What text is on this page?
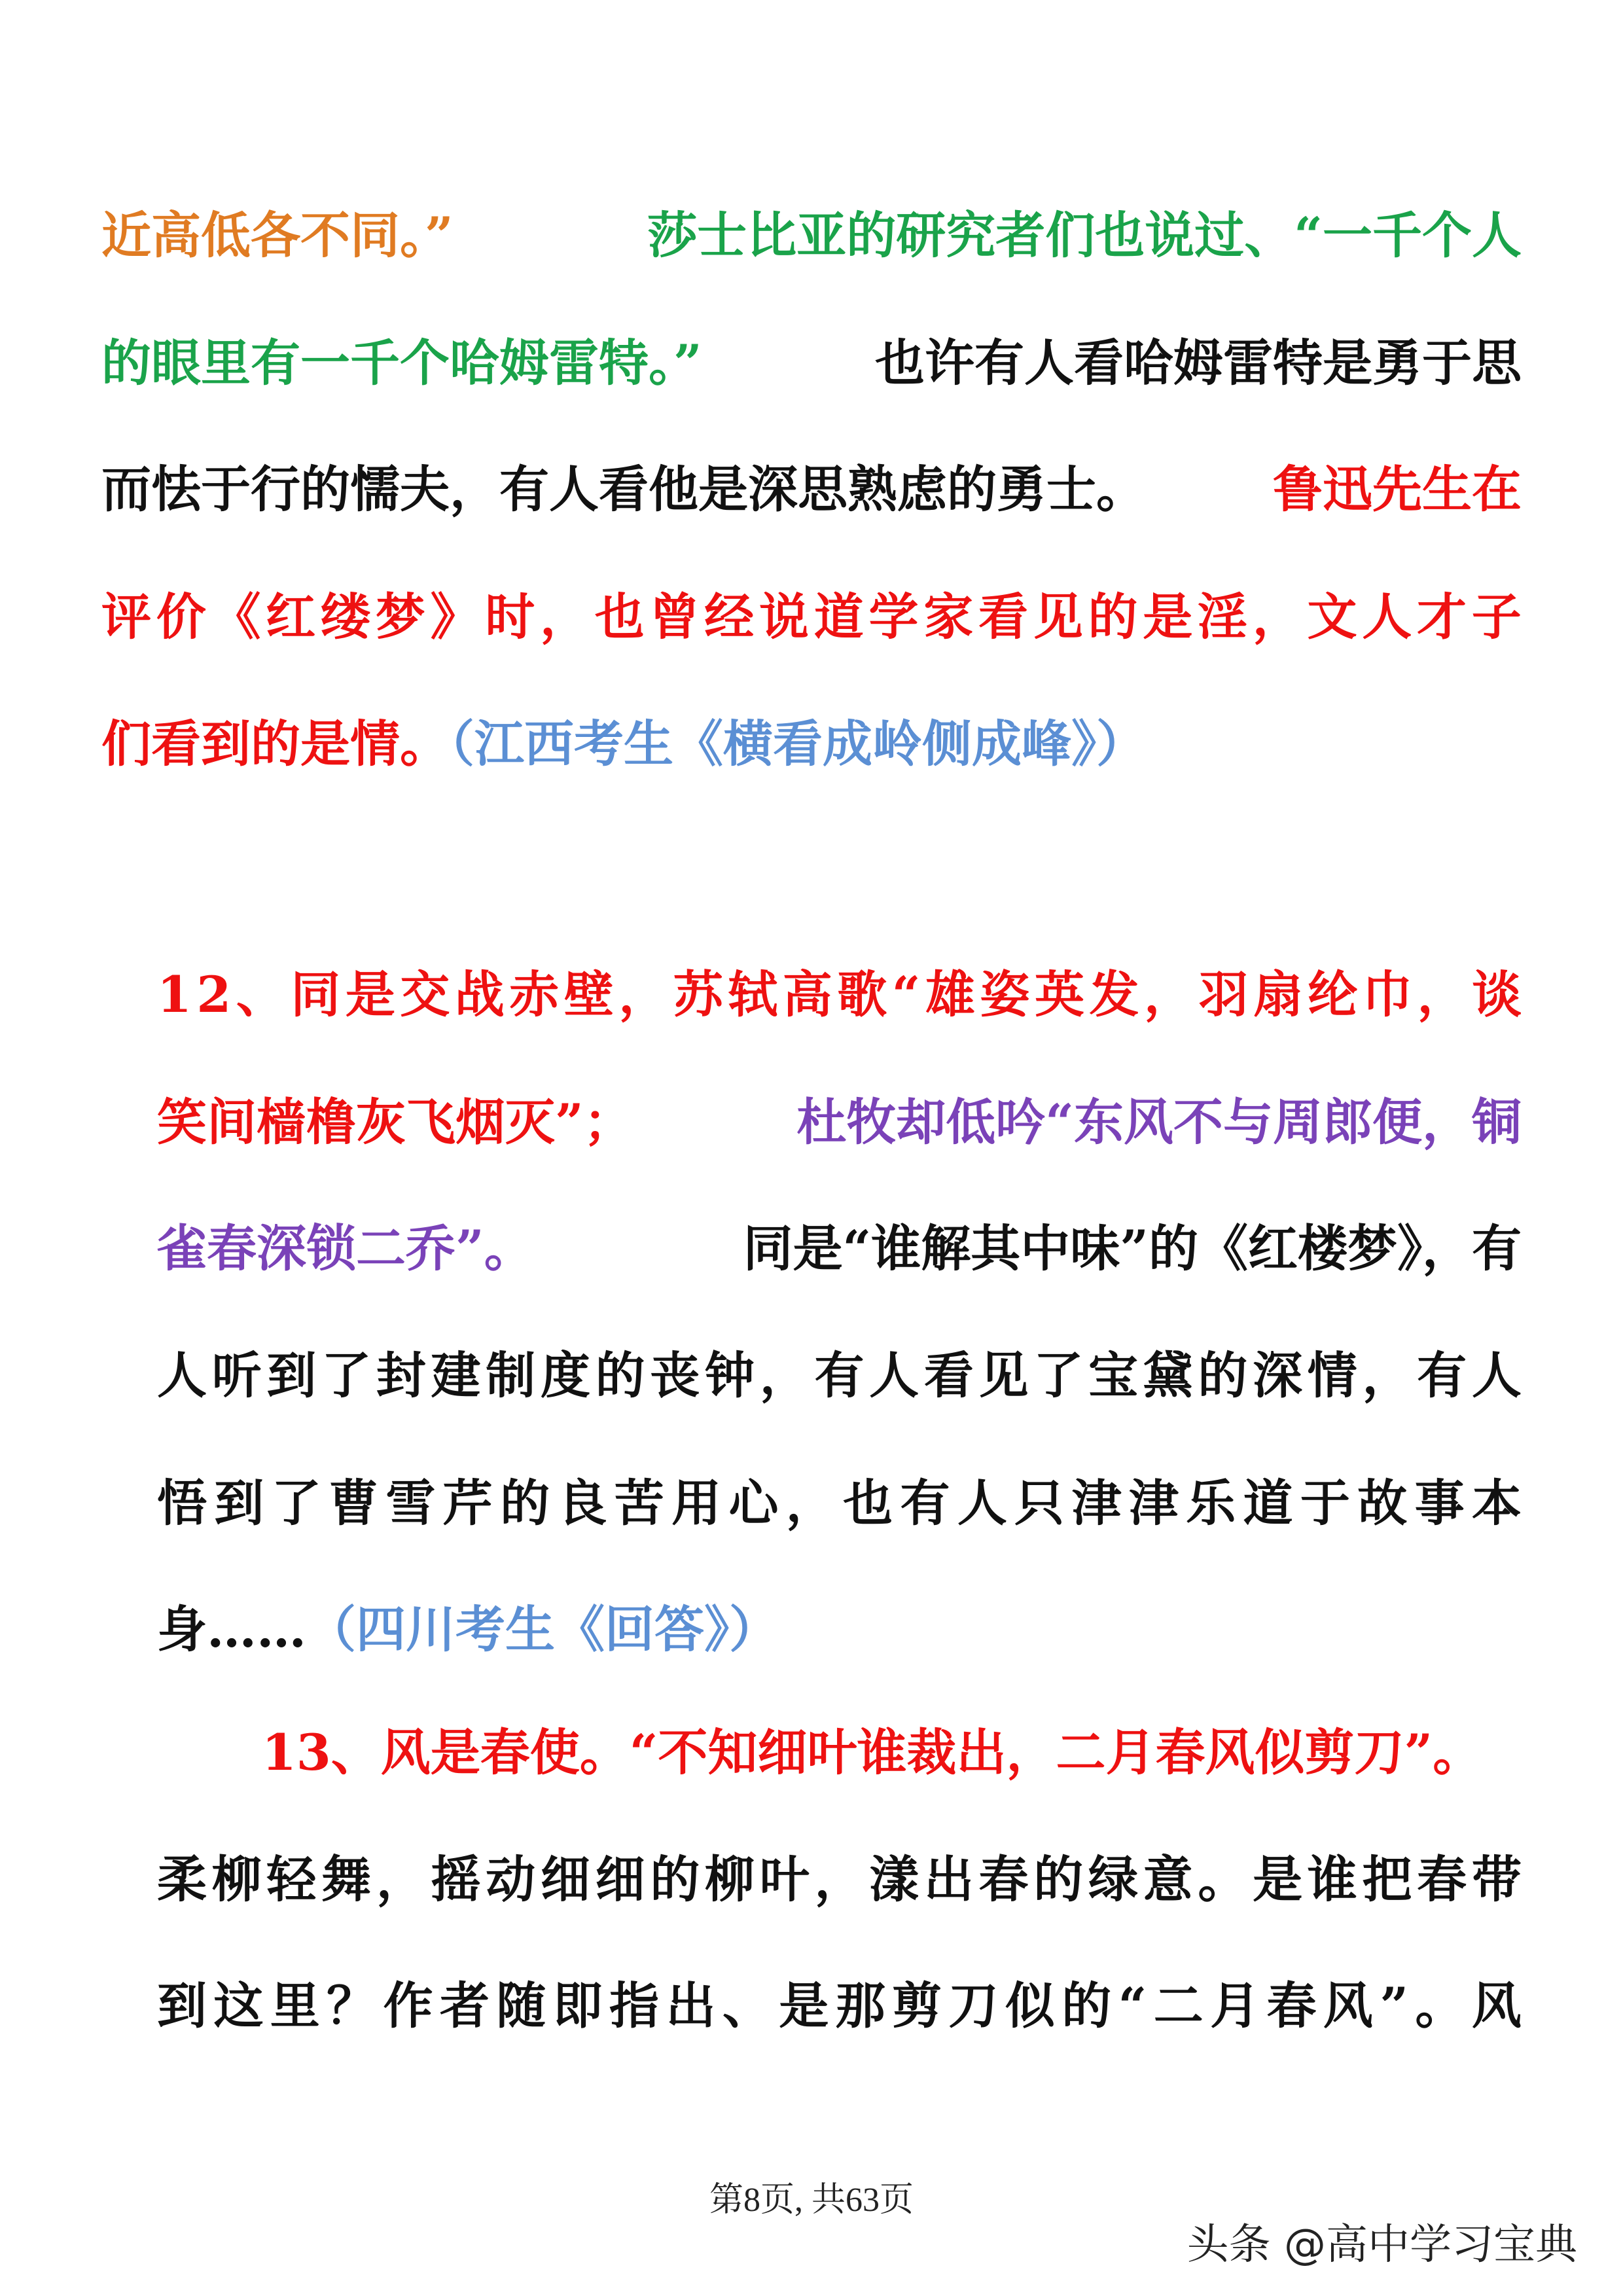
近高低各不同。”	莎士比亚的研究者们也说过、“一千个人
的眼里有一千个哈姆雷特。”	也许有人看哈姆雷特是勇于思
而怯于行的懦夫，有人看他是深思熟虑的勇士。	鲁迅先生在
评 价 《 红 缕 梦 》 时 ， 也 曾 经 说 道 学 家 看 见 的 是 淫 ， 文 人 才 子
们看到的是情。（江西考生《横看成岭侧成峰》）
1 2 、 同 是 交 战 赤 壁 ， 苏 轼 高 歌 “ 雄 姿 英 发 ， 羽 扇 纶 巾 ， 谈
笑间樯橹灰飞烟灭”；	杜牧却低吟“东风不与周郎便，铜
雀春深锁二乔”。	同是“谁解其中味”的《红楼梦》，有
人 听 到 了 封 建 制 度 的 丧 钟 ， 有 人 看 见 了 宝 黛 的 深 情 ， 有 人
悟 到 了 曹 雪 芹 的 良 苦 用 心 ， 也 有 人 只 津 津 乐 道 于 故 事 本
身……（四川考生《回答》）
13、风是春使。“不知细叶谁裁出，二月春风似剪刀”。
柔 柳 轻 舞 ， 摇 动 细 细 的 柳 叶 ， 漾 出 春 的 绿 意 。 是 谁 把 春 带
到 这 里 ？ 作 者 随 即 指 出 、 是 那 剪 刀 似 的 “ 二 月 春 风 ” 。 风
第8页, 共63页
头条 @高中学习宝典
